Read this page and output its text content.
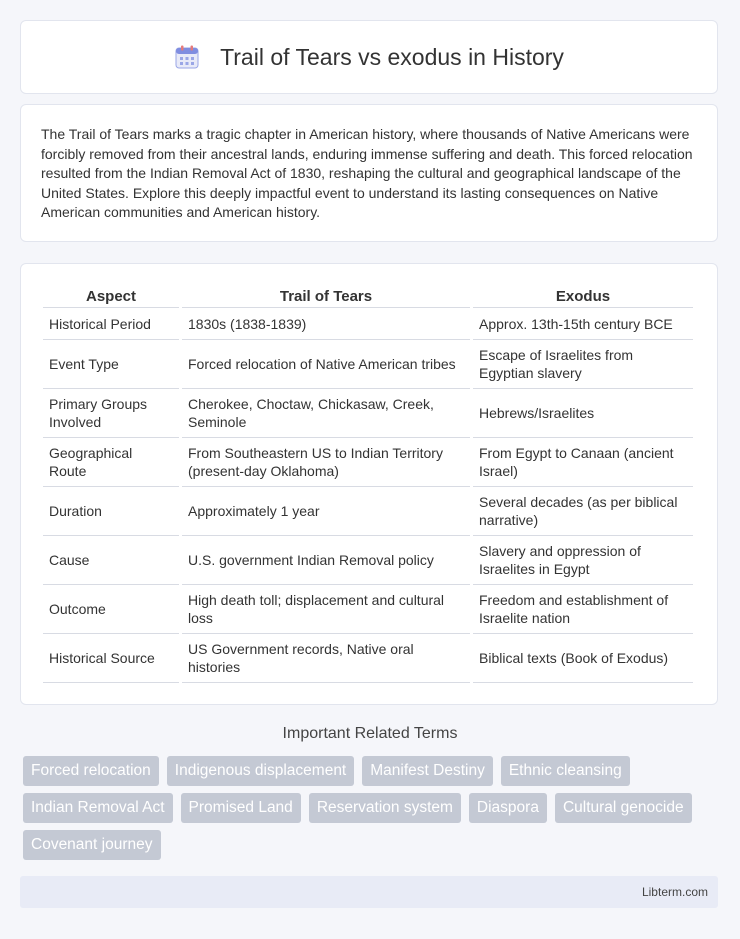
Trail of Tears vs exodus in History

The Trail of Tears marks a tragic chapter in American history, where thousands of Native Americans were forcibly removed from their ancestral lands, enduring immense suffering and death. This forced relocation resulted from the Indian Removal Act of 1830, reshaping the cultural and geographical landscape of the United States. Explore this deeply impactful event to understand its lasting consequences on Native American communities and American history.

Aspect	Trail of Tears	Exodus
Historical Period	1830s (1838-1839)	Approx. 13th-15th century BCE
Event Type	Forced relocation of Native American tribes	Escape of Israelites from Egyptian slavery
Primary Groups Involved	Cherokee, Choctaw, Chickasaw, Creek, Seminole	Hebrews/Israelites
Geographical Route	From Southeastern US to Indian Territory (present-day Oklahoma)	From Egypt to Canaan (ancient Israel)
Duration	Approximately 1 year	Several decades (as per biblical narrative)
Cause	U.S. government Indian Removal policy	Slavery and oppression of Israelites in Egypt
Outcome	High death toll; displacement and cultural loss	Freedom and establishment of Israelite nation
Historical Source	US Government records, Native oral histories	Biblical texts (Book of Exodus)
Important Related Terms
Forced relocation	Indigenous displacement	Manifest Destiny	Ethnic cleansing
Indian Removal Act	Promised Land	Reservation system	Diaspora	Cultural genocide
Covenant journey
Libterm.com
